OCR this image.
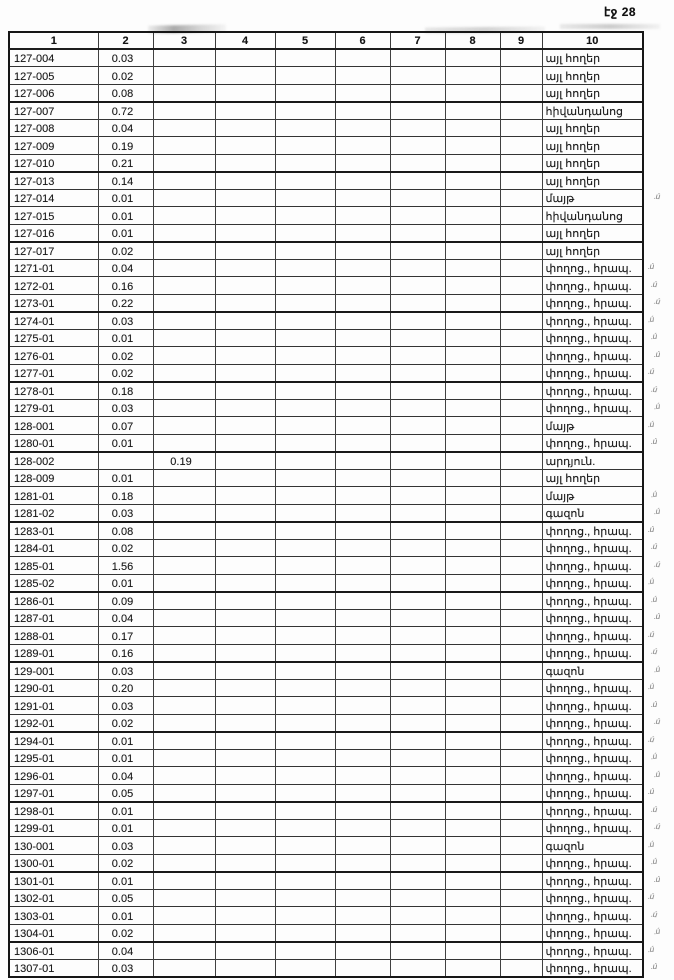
էջ 28
1	2	3	4	5	6	7	8	9	10
127-004	0.03								այլ հողեր
127-005	0.02								այլ հողեր
127-006	0.08								այլ հողեր
127-007	0.72								հիվանդանոց
127-008	0.04								այլ հողեր
127-009	0.19								այլ հողեր
127-010	0.21								այլ հողեր
127-013	0.14								այլ հողեր
127-014	0.01								մայթ
127-015	0.01								հիվանդանոց
127-016	0.01								այլ հողեր
127-017	0.02								այլ հողեր
1271-01	0.04								փողոց., հրապ.
1272-01	0.16								փողոց., հրապ.
1273-01	0.22								փողոց., հրապ.
1274-01	0.03								փողոց., հրապ.
1275-01	0.01								փողոց., հրապ.
1276-01	0.02								փողոց., հրապ.
1277-01	0.02								փողոց., հրապ.
1278-01	0.18								փողոց., հրապ.
1279-01	0.03								փողոց., հրապ.
128-001	0.07								մայթ
1280-01	0.01								փողոց., հրապ.
128-002		0.19							արդյուն.
128-009	0.01								այլ հողեր
1281-01	0.18								մայթ
1281-02	0.03								գազոն
1283-01	0.08								փողոց., հրապ.
1284-01	0.02								փողոց., հրապ.
1285-01	1.56								փողոց., հրապ.
1285-02	0.01								փողոց., հրապ.
1286-01	0.09								փողոց., հրապ.
1287-01	0.04								փողոց., հրապ.
1288-01	0.17								փողոց., հրապ.
1289-01	0.16								փողոց., հրապ.
129-001	0.03								գազոն
1290-01	0.20								փողոց., հրապ.
1291-01	0.03								փողոց., հրապ.
1292-01	0.02								փողոց., հրապ.
1294-01	0.01								փողոց., հրապ.
1295-01	0.01								փողոց., հրապ.
1296-01	0.04								փողոց., հրապ.
1297-01	0.05								փողոց., հրապ.
1298-01	0.01								փողոց., հրապ.
1299-01	0.01								փողոց., հրապ.
130-001	0.03								գազոն
1300-01	0.02								փողոց., հրապ.
1301-01	0.01								փողոց., հրապ.
1302-01	0.05								փողոց., հրապ.
1303-01	0.01								փողոց., հրապ.
1304-01	0.02								փողոց., հրապ.
1306-01	0.04								փողոց., հրապ.
1307-01	0.03								փողոց., հրապ.
.ú
.ú
.ú
.ú
.ú
.ú
.ú
.ú
.ú
.ú
.ú
.ú
.ú
.ú
.ú
.ú
.ú
.ú
.ú
.ú
.ú
.ú
.ú
.ú
.ú
.ú
.ú
.ú
.ú
.ú
.ú
.ú
.ú
.ú
.ú
.ú
.ú
.ú
.ú
.ú
